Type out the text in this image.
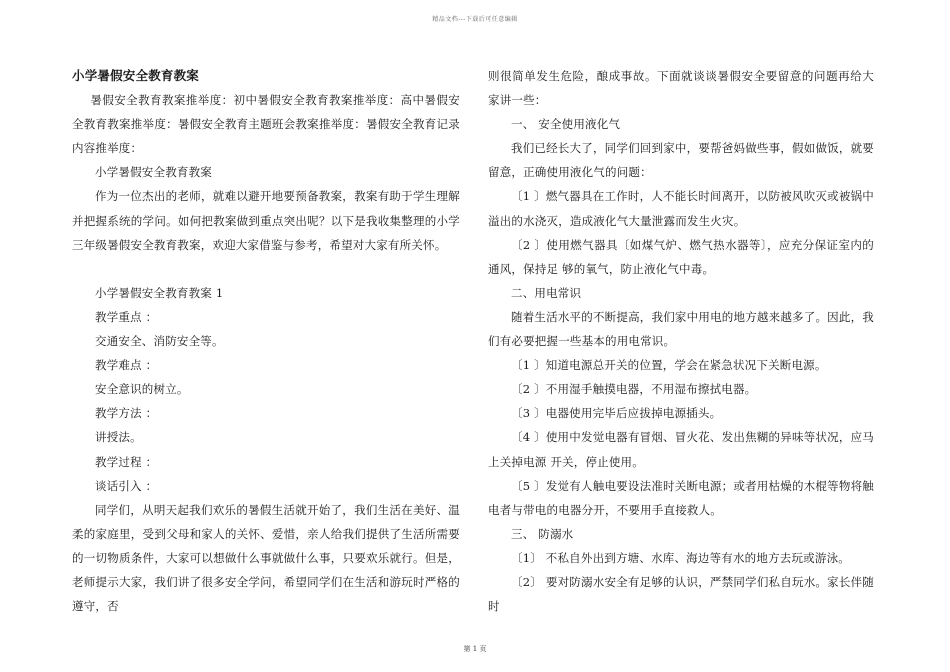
精品文档---下载后可任意编辑
小学暑假安全教育教案

暑假安全教育教案推举度：初中暑假安全教育教案推举度：高中暑假安全教育教案推举度：暑假安全教育主题班会教案推举度：暑假安全教育记录内容推举度：

小学暑假安全教育教案

作为一位杰出的老师，就难以避开地要预备教案，教案有助于学生理解并把握系统的学问。如何把教案做到重点突出呢？以下是我收集整理的小学三年级暑假安全教育教案，欢迎大家借鉴与参考，希望对大家有所关怀。

小学暑假安全教育教案 1

教学重点 ：

交通安全、消防安全等。

教学难点 ：

安全意识的树立。

教学方法 ：

讲授法。

教学过程 ：

谈话引入 ：

同学们，从明天起我们欢乐的暑假生活就开始了，我们生活在美好、温柔的家庭里，受到父母和家人的关怀、爱惜，亲人给我们提供了生活所需要的一切物质条件，大家可以想做什么事就做什么事，只要欢乐就行。但是，老师提示大家，我们讲了很多安全学问，希望同学们在生活和游玩时严格的遵守，否

则很简单发生危险，酿成事故。下面就谈谈暑假安全要留意的问题再给大家讲一些：

一、 安全使用液化气

我们已经长大了，同学们回到家中，要帮爸妈做些事，假如做饭，就要留意，正确使用液化气的问题：

〔1 〕燃气器具在工作时，人不能长时间离开，以防被风吹灭或被锅中溢出的水浇灭，造成液化气大量泄露而发生火灾。

〔2 〕使用燃气器具〔如煤气炉、燃气热水器等〕，应充分保证室内的通风，保持足 够的氧气，防止液化气中毒。

二、用电常识

随着生活水平的不断提高，我们家中用电的地方越来越多了。因此，我们有必要把握一些基本的用电常识。

〔1 〕知道电源总开关的位置，学会在紧急状况下关断电源。

〔2 〕不用湿手触摸电器，不用湿布擦拭电器。

〔3 〕电器使用完毕后应拔掉电源插头。

〔4 〕使用中发觉电器有冒烟、冒火花、发出焦糊的异味等状况，应马上关掉电源 开关，停止使用。

〔5 〕发觉有人触电要设法准时关断电源；或者用枯燥的木棍等物将触电者与带电的电器分开，不要用手直接救人。

三、 防溺水

〔1〕 不私自外出到方塘、水库、海边等有水的地方去玩或游泳。

〔2〕 要对防溺水安全有足够的认识，严禁同学们私自玩水。家长伴随时

第 1 页
